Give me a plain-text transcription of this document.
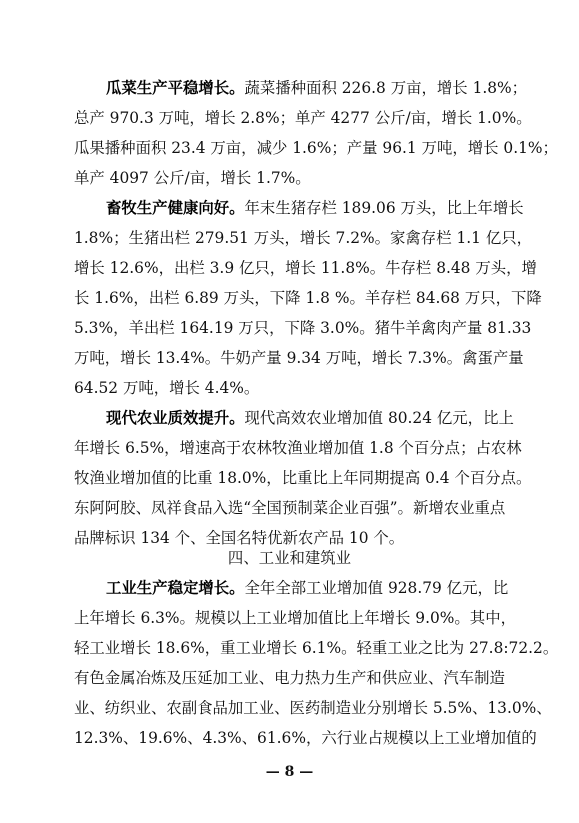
瓜菜生产平稳增长。蔬菜播种面积 226.8 万亩，增长 1.8%；
总产 970.3 万吨，增长 2.8%；单产 4277 公斤/亩，增长 1.0%。
瓜果播种面积 23.4 万亩，减少 1.6%；产量 96.1 万吨，增长 0.1%；
单产 4097 公斤/亩，增长 1.7%。
畜牧生产健康向好。年末生猪存栏 189.06 万头，比上年增长
1.8%；生猪出栏 279.51 万头，增长 7.2%。家禽存栏 1.1 亿只，
增长 12.6%，出栏 3.9 亿只，增长 11.8%。牛存栏 8.48 万头，增
长 1.6%，出栏 6.89 万头，下降 1.8 %。羊存栏 84.68 万只，下降
5.3%，羊出栏 164.19 万只，下降 3.0%。猪牛羊禽肉产量 81.33
万吨，增长 13.4%。牛奶产量 9.34 万吨，增长 7.3%。禽蛋产量
64.52 万吨，增长 4.4%。
现代农业质效提升。现代高效农业增加值 80.24 亿元，比上
年增长 6.5%，增速高于农林牧渔业增加值 1.8 个百分点；占农林
牧渔业增加值的比重 18.0%，比重比上年同期提高 0.4 个百分点。
东阿阿胶、凤祥食品入选“全国预制菜企业百强”。新增农业重点
品牌标识 134 个、全国名特优新农产品 10 个。
四、工业和建筑业
工业生产稳定增长。全年全部工业增加值 928.79 亿元，比
上年增长 6.3%。规模以上工业增加值比上年增长 9.0%。其中，
轻工业增长 18.6%，重工业增长 6.1%。轻重工业之比为 27.8:72.2。
有色金属冶炼及压延加工业、电力热力生产和供应业、汽车制造
业、纺织业、农副食品加工业、医药制造业分别增长 5.5%、13.0%、
12.3%、19.6%、4.3%、61.6%，六行业占规模以上工业增加值的
— 8 —
